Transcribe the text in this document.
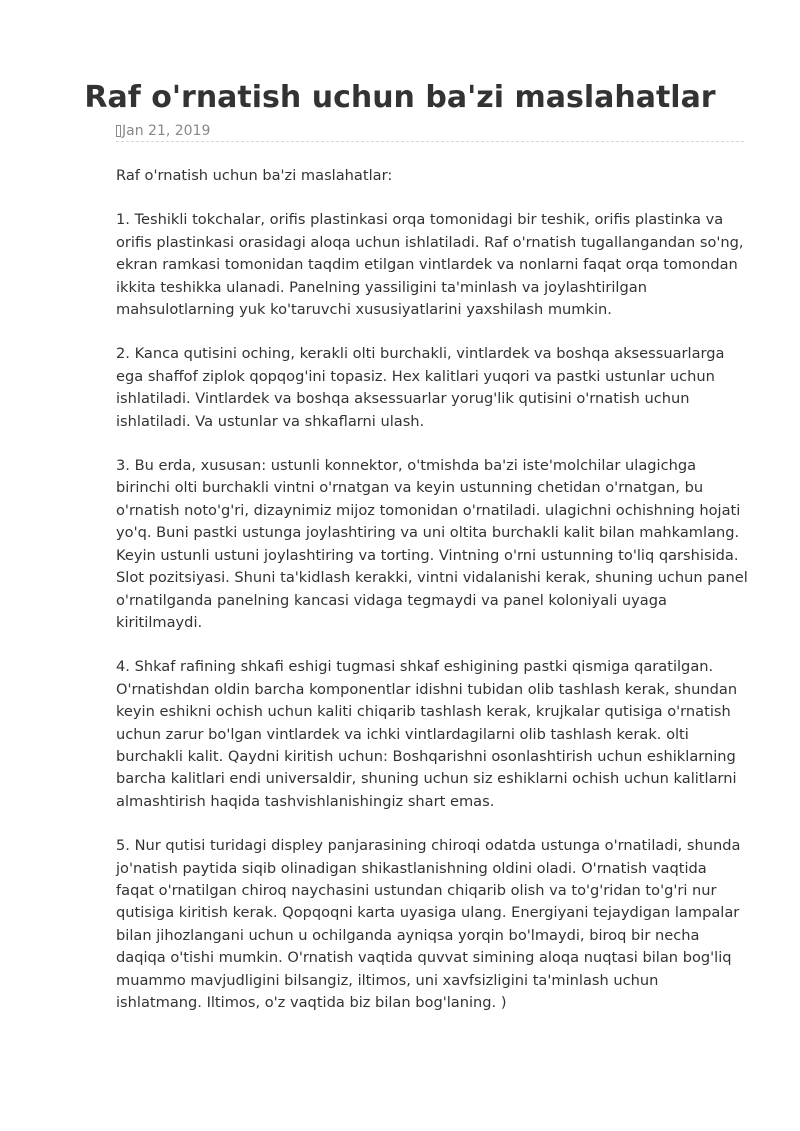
Raf o'rnatish uchun ba'zi maslahatlar
Jan 21, 2019

Raf o'rnatish uchun ba'zi maslahatlar:

1. Teshikli tokchalar, orifis plastinkasi orqa tomonidagi bir teshik, orifis plastinka va orifis plastinkasi orasidagi aloqa uchun ishlatiladi. Raf o'rnatish tugallangandan so'ng, ekran ramkasi tomonidan taqdim etilgan vintlardek va nonlarni faqat orqa tomondan ikkita teshikka ulanadi. Panelning yassiligini ta'minlash va joylashtirilgan mahsulotlarning yuk ko'taruvchi xususiyatlarini yaxshilash mumkin.

2. Kanca qutisini oching, kerakli olti burchakli, vintlardek va boshqa aksessuarlarga ega shaffof ziplok qopqog'ini topasiz. Hex kalitlari yuqori va pastki ustunlar uchun ishlatiladi. Vintlardek va boshqa aksessuarlar yorug'lik qutisini o'rnatish uchun ishlatiladi. Va ustunlar va shkaflarni ulash.

3. Bu erda, xususan: ustunli konnektor, o'tmishda ba'zi iste'molchilar ulagichga birinchi olti burchakli vintni o'rnatgan va keyin ustunning chetidan o'rnatgan, bu o'rnatish noto'g'ri, dizaynimiz mijoz tomonidan o'rnatiladi. ulagichni ochishning hojati yo'q. Buni pastki ustunga joylashtiring va uni oltita burchakli kalit bilan mahkamlang. Keyin ustunli ustuni joylashtiring va torting. Vintning o'rni ustunning to'liq qarshisida. Slot pozitsiyasi. Shuni ta'kidlash kerakki, vintni vidalanishi kerak, shuning uchun panel o'rnatilganda panelning kancasi vidaga tegmaydi va panel koloniyali uyaga kiritilmaydi.

4. Shkaf rafining shkafi eshigi tugmasi shkaf eshigining pastki qismiga qaratilgan. O'rnatishdan oldin barcha komponentlar idishni tubidan olib tashlash kerak, shundan keyin eshikni ochish uchun kaliti chiqarib tashlash kerak, krujkalar qutisiga o'rnatish uchun zarur bo'lgan vintlardek va ichki vintlardagilarni olib tashlash kerak. olti burchakli kalit. Qaydni kiritish uchun: Boshqarishni osonlashtirish uchun eshiklarning barcha kalitlari endi universaldir, shuning uchun siz eshiklarni ochish uchun kalitlarni almashtirish haqida tashvishlanishingiz shart emas.

5. Nur qutisi turidagi displey panjarasining chiroqi odatda ustunga o'rnatiladi, shunda jo'natish paytida siqib olinadigan shikastlanishning oldini oladi. O'rnatish vaqtida faqat o'rnatilgan chiroq naychasini ustundan chiqarib olish va to'g'ridan to'g'ri nur qutisiga kiritish kerak. Qopqoqni karta uyasiga ulang. Energiyani tejaydigan lampalar bilan jihozlangani uchun u ochilganda ayniqsa yorqin bo'lmaydi, biroq bir necha daqiqa o'tishi mumkin. O'rnatish vaqtida quvvat simining aloqa nuqtasi bilan bog'liq muammo mavjudligini bilsangiz, iltimos, uni xavfsizligini ta'minlash uchun ishlatmang. Iltimos, o'z vaqtida biz bilan bog'laning. )
